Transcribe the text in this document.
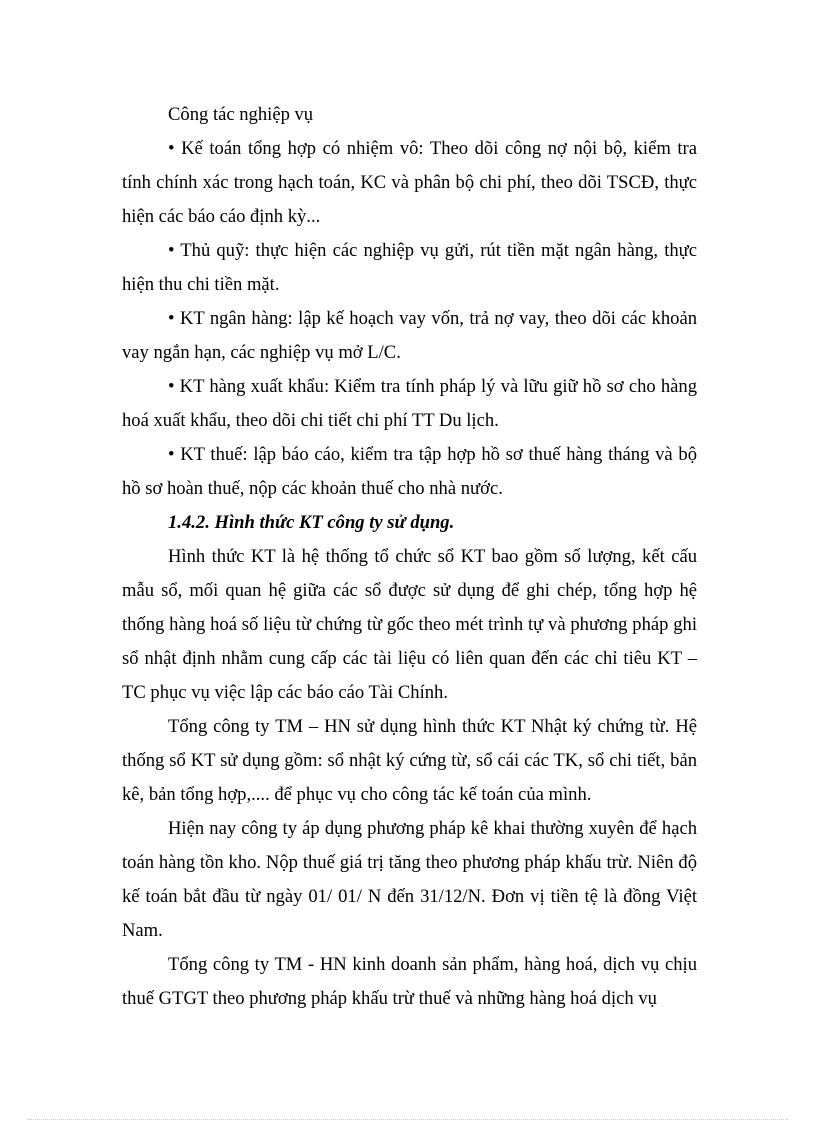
Công tác nghiệp vụ

• Kế toán tổng hợp có nhiệm vô: Theo dõi công nợ nội bộ, kiểm tra tính chính xác trong hạch toán, KC và phân bộ chi phí, theo dõi TSCĐ, thực hiện các báo cáo định kỳ...

• Thủ quỹ: thực hiện các nghiệp vụ gửi, rút tiền mặt ngân hàng, thực hiện thu chi tiền mặt.

• KT ngân hàng: lập kế hoạch vay vốn, trả nợ vay, theo dõi các khoản vay ngắn hạn, các nghiệp vụ mở L/C.

• KT hàng xuất khẩu: Kiểm tra tính pháp lý và lữu giữ hồ sơ cho hàng hoá xuất khẩu, theo dõi chi tiết chi phí TT Du lịch.

• KT thuế: lập báo cáo, kiểm tra tập hợp hồ sơ thuế hàng tháng và bộ hồ sơ hoàn thuế, nộp các khoản thuế cho nhà nước.

1.4.2. Hình thức KT công ty sử dụng.

Hình thức KT là hệ thống tổ chức sổ KT bao gồm số lượng, kết cấu mẫu sổ, mối quan hệ giữa các sổ được sử dụng để ghi chép, tổng hợp hệ thống hàng hoá số liệu từ chứng từ gốc theo mét trình tự và phương pháp ghi sổ nhật định nhằm cung cấp các tài liệu có liên quan đến các chỉ tiêu KT – TC phục vụ việc lập các báo cáo Tài Chính.

Tổng công ty TM – HN sử dụng hình thức KT Nhật ký chứng từ. Hệ thống sổ KT sử dụng gồm: sổ nhật ký cứng từ, sổ cái các TK, sổ chi tiết, bản kê, bản tổng hợp,.... để phục vụ cho công tác kế toán của mình.

Hiện nay công ty áp dụng phương pháp kê khai thường xuyên để hạch toán hàng tồn kho. Nộp thuế giá trị tăng theo phương pháp khấu trừ. Niên độ kế toán bắt đầu từ ngày 01/ 01/ N đến 31/12/N. Đơn vị tiền tệ là đồng Việt Nam.

Tổng công ty TM - HN kinh doanh sản phẩm, hàng hoá, dịch vụ chịu thuế GTGT theo phương pháp khấu trừ thuế và những hàng hoá dịch vụ
